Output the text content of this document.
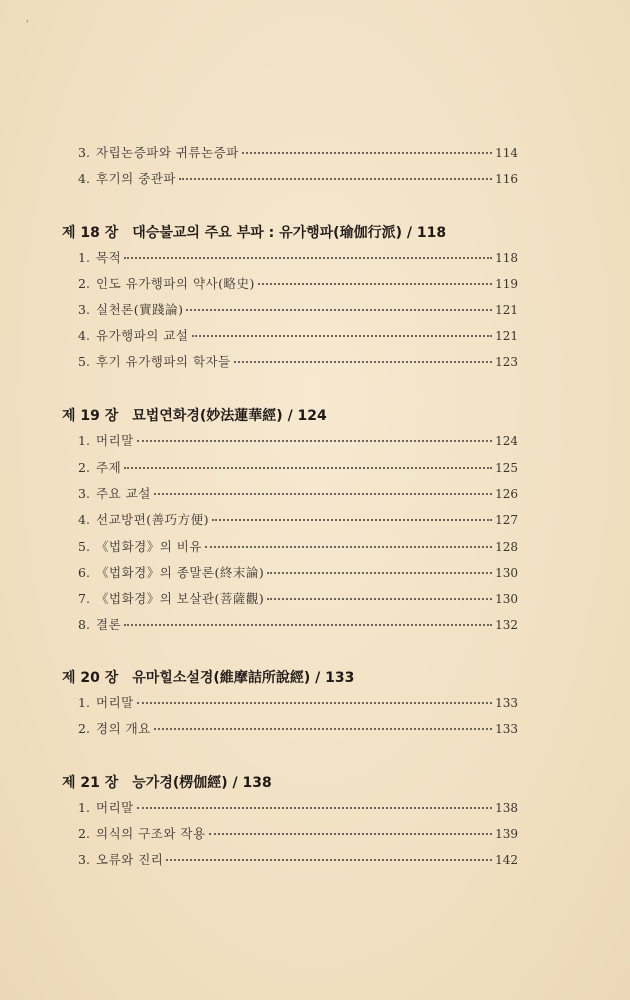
'
3. 자립논증파와 귀류논증파	114
4. 후기의 중관파	116
제 18 장 대승불교의 주요 부파 : 유가행파(瑜伽行派) / 118
1. 목적	118
2. 인도 유가행파의 약사(略史)	119
3. 실천론(實踐論)	121
4. 유가행파의 교설	121
5. 후기 유가행파의 학자들	123
제 19 장 묘법연화경(妙法蓮華經) / 124
1. 머리말	124
2. 주제	125
3. 주요 교설	126
4. 선교방편(善巧方便)	127
5. 《법화경》의 비유	128
6. 《법화경》의 종말론(終末論)	130
7. 《법화경》의 보살관(菩薩觀)	130
8. 결론	132
제 20 장 유마힐소설경(維摩詰所說經) / 133
1. 머리말	133
2. 경의 개요	133
제 21 장 능가경(楞伽經) / 138
1. 머리말	138
2. 의식의 구조와 작용	139
3. 오류와 진리	142
